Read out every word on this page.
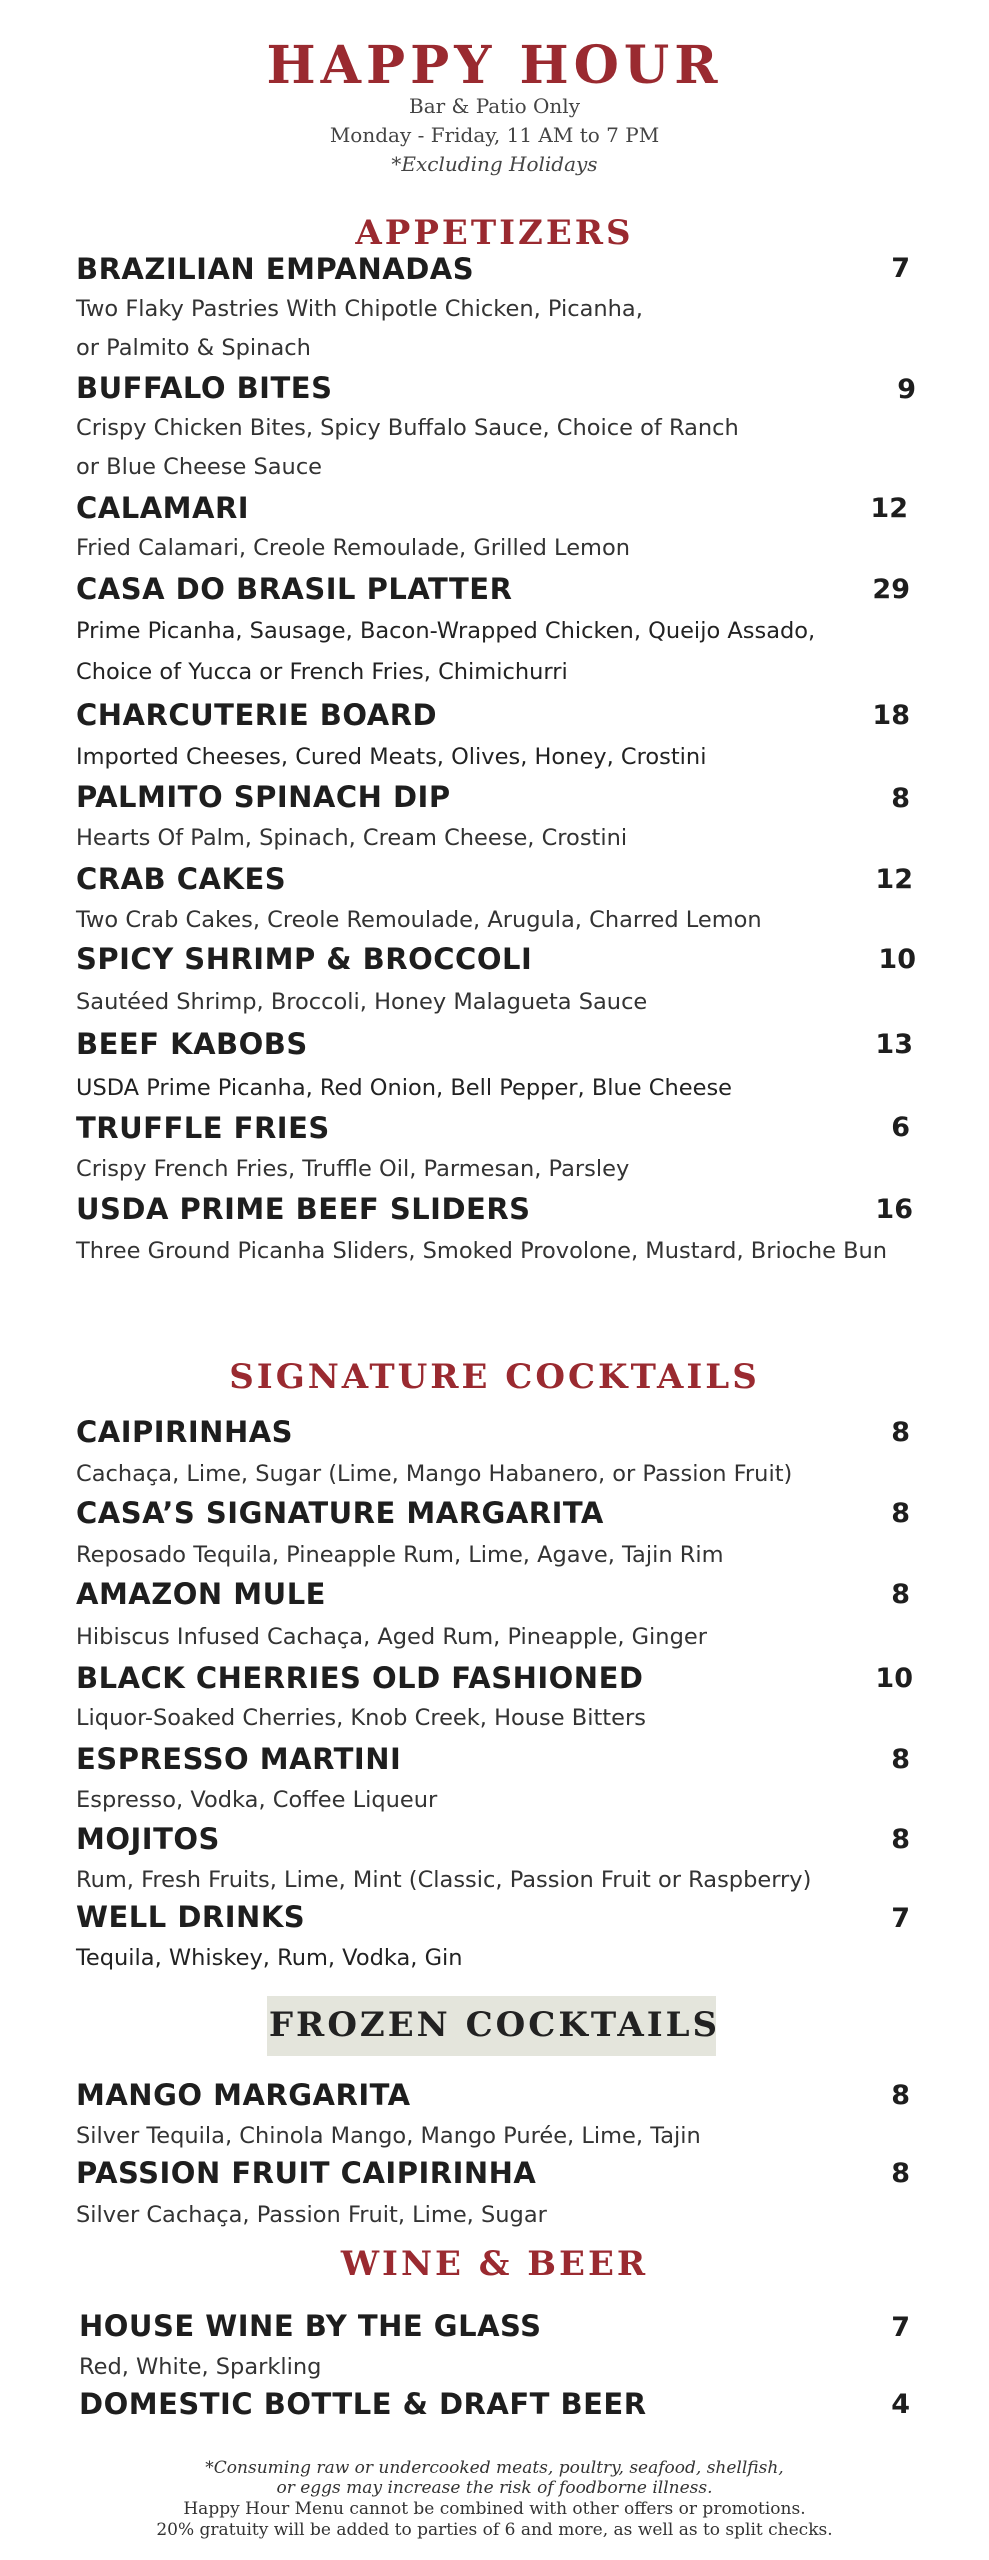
HAPPY HOUR
Bar & Patio Only
Monday - Friday, 11 AM to 7 PM
*Excluding Holidays
APPETIZERS
BRAZILIAN EMPANADAS	7
Two Flaky Pastries With Chipotle Chicken, Picanha,
or Palmito & Spinach
BUFFALO BITES	9
Crispy Chicken Bites, Spicy Buffalo Sauce, Choice of Ranch
or Blue Cheese Sauce
CALAMARI	12
Fried Calamari, Creole Remoulade, Grilled Lemon
CASA DO BRASIL PLATTER	29
Prime Picanha, Sausage, Bacon-Wrapped Chicken, Queijo Assado,
Choice of Yucca or French Fries, Chimichurri
CHARCUTERIE BOARD	18
Imported Cheeses, Cured Meats, Olives, Honey, Crostini
PALMITO SPINACH DIP	8
Hearts Of Palm, Spinach, Cream Cheese, Crostini
CRAB CAKES	12
Two Crab Cakes, Creole Remoulade, Arugula, Charred Lemon
SPICY SHRIMP & BROCCOLI	10
Sautéed Shrimp, Broccoli, Honey Malagueta Sauce
BEEF KABOBS	13
USDA Prime Picanha, Red Onion, Bell Pepper, Blue Cheese
TRUFFLE FRIES	6
Crispy French Fries, Truffle Oil, Parmesan, Parsley
USDA PRIME BEEF SLIDERS	16
Three Ground Picanha Sliders, Smoked Provolone, Mustard, Brioche Bun
SIGNATURE COCKTAILS
CAIPIRINHAS	8
Cachaça, Lime, Sugar (Lime, Mango Habanero, or Passion Fruit)
CASA’S SIGNATURE MARGARITA	8
Reposado Tequila, Pineapple Rum, Lime, Agave, Tajin Rim
AMAZON MULE	8
Hibiscus Infused Cachaça, Aged Rum, Pineapple, Ginger
BLACK CHERRIES OLD FASHIONED	10
Liquor-Soaked Cherries, Knob Creek, House Bitters
ESPRESSO MARTINI	8
Espresso, Vodka, Coffee Liqueur
MOJITOS	8
Rum, Fresh Fruits, Lime, Mint (Classic, Passion Fruit or Raspberry)
WELL DRINKS	7
Tequila, Whiskey, Rum, Vodka, Gin
FROZEN COCKTAILS
MANGO MARGARITA	8
Silver Tequila, Chinola Mango, Mango Purée, Lime, Tajin
PASSION FRUIT CAIPIRINHA	8
Silver Cachaça, Passion Fruit, Lime, Sugar
WINE & BEER
HOUSE WINE BY THE GLASS	7
Red, White, Sparkling
DOMESTIC BOTTLE & DRAFT BEER	4
*Consuming raw or undercooked meats, poultry, seafood, shellfish,
or eggs may increase the risk of foodborne illness.
Happy Hour Menu cannot be combined with other offers or promotions.
20% gratuity will be added to parties of 6 and more, as well as to split checks.
